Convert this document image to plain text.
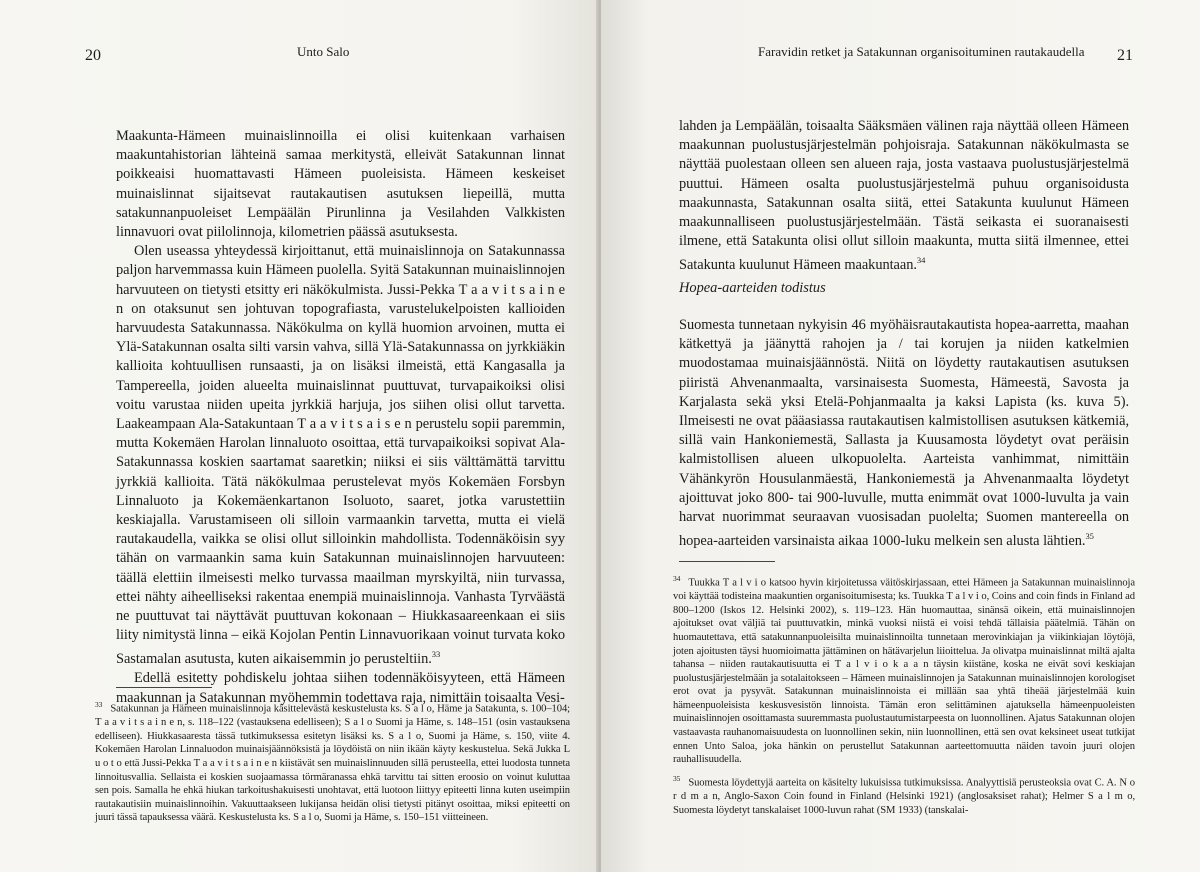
20	Unto Salo

Maakunta-Hämeen muinaislinnoilla ei olisi kuitenkaan varhaisen maakuntahistorian lähteinä samaa merkitystä, elleivät Satakunnan linnat poikkeaisi huomattavasti Hämeen puoleisista. Hämeen keskeiset muinaislinnat sijaitsevat rautakautisen asutuksen liepeillä, mutta satakunnanpuoleiset Lempäälän Pirunlinna ja Vesilahden Valkkisten linnavuori ovat piilolinnoja, kilometrien päässä asutuksesta.

Olen useassa yhteydessä kirjoittanut, että muinaislinnoja on Satakunnassa paljon harvemmassa kuin Hämeen puolella. Syitä Satakunnan muinaislinnojen harvuuteen on tietysti etsitty eri näkökulmista. Jussi-Pekka T a a v i t s a i n e n on otaksunut sen johtuvan topografiasta, varustelukelpoisten kallioiden harvuudesta Satakunnassa. Näkökulma on kyllä huomion arvoinen, mutta ei Ylä-Satakunnan osalta silti varsin vahva, sillä Ylä-Satakunnassa on jyrkkiäkin kallioita kohtuullisen runsaasti, ja on lisäksi ilmeistä, että Kangasalla ja Tampereella, joiden alueelta muinaislinnat puuttuvat, turvapaikoiksi olisi voitu varustaa niiden upeita jyrkkiä harjuja, jos siihen olisi ollut tarvetta. Laakeampaan Ala-Satakuntaan T a a v i t s a i s e n perustelu sopii paremmin, mutta Kokemäen Harolan linnaluoto osoittaa, että turvapaikoiksi sopivat Ala-Satakunnassa koskien saartamat saaretkin; niiksi ei siis välttämättä tarvittu jyrkkiä kallioita. Tätä näkökulmaa perustelevat myös Kokemäen Forsbyn Linnaluoto ja Kokemäenkartanon Isoluoto, saaret, jotka varustettiin keskiajalla. Varustamiseen oli silloin varmaankin tarvetta, mutta ei vielä rautakaudella, vaikka se olisi ollut silloinkin mahdollista. Todennäköisin syy tähän on varmaankin sama kuin Satakunnan muinaislinnojen harvuuteen: täällä elettiin ilmeisesti melko turvassa maailman myrskyiltä, niin turvassa, ettei nähty aiheelliseksi rakentaa enempiä muinaislinnoja. Vanhasta Tyrväästä ne puuttuvat tai näyttävät puuttuvan kokonaan – Hiukkasaareenkaan ei siis liity nimitystä linna – eikä Kojolan Pentin Linnavuorikaan voinut turvata koko Sastamalan asutusta, kuten aikaisemmin jo perusteltiin.$^{33}$

Edellä esitetty pohdiskelu johtaa siihen todennäköisyyteen, että Hämeen maakunnan ja Satakunnan myöhemmin todettava raja, nimittäin toisaalta Vesi-

$^{33}$ Satakunnan ja Hämeen muinaislinnoja käsittelevästä keskustelusta ks. S a l o, Häme ja Satakunta, s. 100–104; T a a v i t s a i n e n, s. 118–122 (vastauksena edelliseen); S a l o Suomi ja Häme, s. 148–151 (osin vastauksena edelliseen). Hiukkasaaresta tässä tutkimuksessa esitetyn lisäksi ks. S a l o, Suomi ja Häme, s. 150, viite 4. Kokemäen Harolan Linnaluodon muinaisjäännöksistä ja löydöistä on niin ikään käyty keskustelua. Sekä Jukka L u o t o että Jussi-Pekka T a a v i t s a i n e n kiistävät sen muinaislinnuuden sillä perusteella, ettei luodosta tunneta linnoitusvallia. Sellaista ei koskien suojaamassa törmäranassa ehkä tarvittu tai sitten eroosio on voinut kuluttaa sen pois. Samalla he ehkä hiukan tarkoitushakuisesti unohtavat, että luotoon liittyy epiteetti linna kuten useimpiin rautakautisiin muinaislinnoihin. Vakuuttaakseen lukijansa heidän olisi tietysti pitänyt osoittaa, miksi epiteetti on juuri tässä tapauksessa väärä. Keskustelusta ks. S a l o, Suomi ja Häme, s. 150–151 viitteineen.

Faravidin retket ja Satakunnan organisoituminen rautakaudella 21

lahden ja Lempäälän, toisaalta Sääksmäen välinen raja näyttää olleen Hämeen maakunnan puolustusjärjestelmän pohjoisraja. Satakunnan näkökulmasta se näyttää puolestaan olleen sen alueen raja, josta vastaava puolustusjärjestelmä puuttui. Hämeen osalta puolustusjärjestelmä puhuu organisoidusta maakunnasta, Satakunnan osalta siitä, ettei Satakunta kuulunut Hämeen maakunnalliseen puolustusjärjestelmään. Tästä seikasta ei suoranaisesti ilmene, että Satakunta olisi ollut silloin maakunta, mutta siitä ilmennee, ettei Satakunta kuulunut Hämeen maakuntaan.$^{34}$

Hopea-aarteiden todistus

Suomesta tunnetaan nykyisin 46 myöhäisrautakautista hopea-aarretta, maahan kätkettyä ja jäänyttä rahojen ja / tai korujen ja niiden katkelmien muodostamaa muinaisjäännöstä. Niitä on löydetty rautakautisen asutuksen piiristä Ahvenanmaalta, varsinaisesta Suomesta, Hämeestä, Savosta ja Karjalasta sekä yksi Etelä-Pohjanmaalta ja kaksi Lapista (ks. kuva 5). Ilmeisesti ne ovat pääasiassa rautakautisen kalmistollisen asutuksen kätkemiä, sillä vain Hankoniemestä, Sallasta ja Kuusamosta löydetyt ovat peräisin kalmistollisen alueen ulkopuolelta. Aarteista vanhimmat, nimittäin Vähänkyrön Housulanmäestä, Hankoniemestä ja Ahvenanmaalta löydetyt ajoittuvat joko 800- tai 900-luvulle, mutta enimmät ovat 1000-luvulta ja vain harvat nuorimmat seuraavan vuosisadan puolelta; Suomen mantereella on hopea-aarteiden varsinaista aikaa 1000-luku melkein sen alusta lähtien.$^{35}$

$^{34}$ Tuukka T a l v i o katsoo hyvin kirjoitetussa väitöskirjassaan, ettei Hämeen ja Satakunnan muinaislinnoja voi käyttää todisteina maakuntien organisoitumisesta; ks. Tuukka T a l v i o, Coins and coin finds in Finland ad 800–1200 (Iskos 12. Helsinki 2002), s. 119–123. Hän huomauttaa, sinänsä oikein, että muinaislinnojen ajoitukset ovat väljiä tai puuttuvatkin, minkä vuoksi niistä ei voisi tehdä tällaisia päätelmiä. Tähän on huomautettava, että satakunnanpuoleisilta muinaislinnoilta tunnetaan merovinkiajan ja viikinkiajan löytöjä, joten ajoitusten täysi huomioimatta jättäminen on hätävarjelun liioittelua. Ja olivatpa muinaislinnat miltä ajalta tahansa – niiden rautakautisuutta ei T a l v i o k a a n täysin kiistäne, koska ne eivät sovi keskiajan puolustusjärjestelmään ja sotalaitokseen – Hämeen muinaislinnojen ja Satakunnan muinaislinnojen korologiset erot ovat ja pysyvät. Satakunnan muinaislinnoista ei millään saa yhtä tiheää järjestelmää kuin hämeenpuoleisista keskusvesistön linnoista. Tämän eron selittäminen ajatuksella hämeenpuoleisten muinaislinnojen osoittamasta suuremmasta puolustautumistarpeesta on luonnollinen. Ajatus Satakunnan olojen vastaavasta rauhanomaisuudesta on luonnollinen sekin, niin luonnollinen, että sen ovat keksineet useat tutkijat ennen Unto Saloa, joka hänkin on perustellut Satakunnan aarteettomuutta näiden tavoin juuri olojen rauhallisuudella.

$^{35}$ Suomesta löydettyjä aarteita on käsitelty lukuisissa tutkimuksissa. Analyyttisiä perusteoksia ovat C. A. N o r d m a n, Anglo-Saxon Coin found in Finland (Helsinki 1921) (anglosaksiset rahat); Helmer S a l m o, Suomesta löydetyt tanskalaiset 1000-luvun rahat (SM 1933) (tanskalai-
